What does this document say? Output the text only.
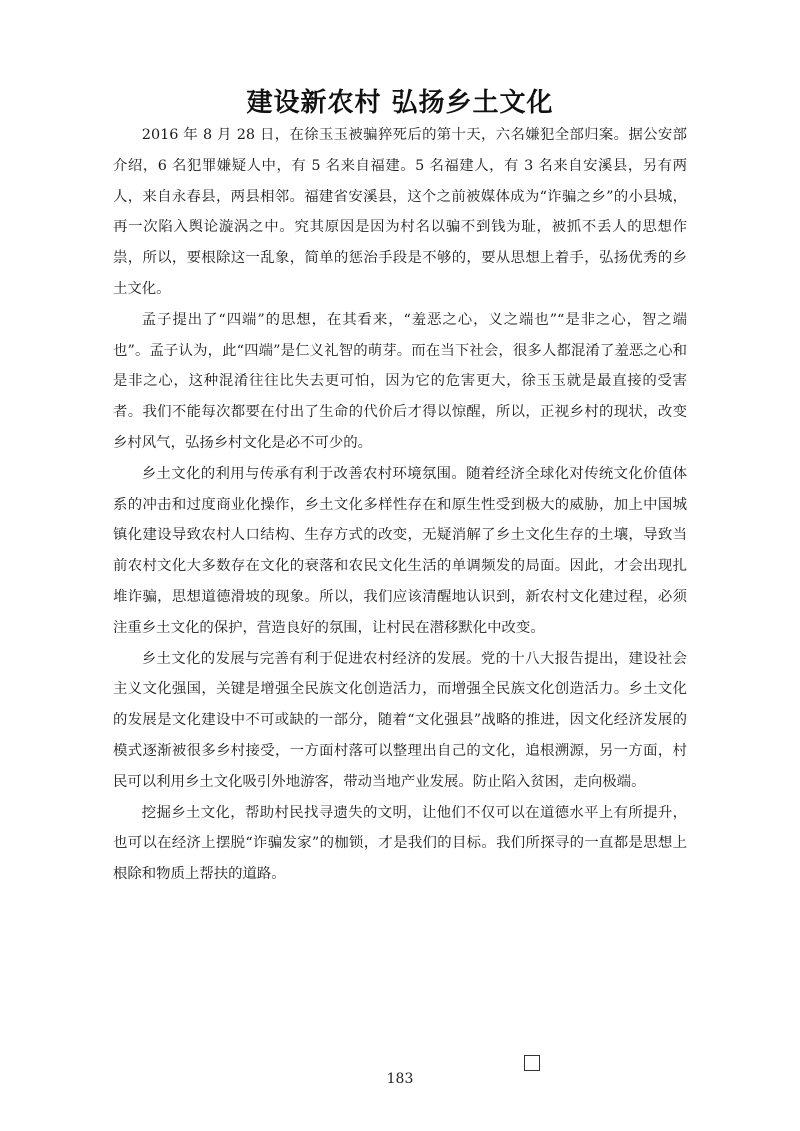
建设新农村 弘扬乡土文化

2016 年 8 月 28 日，在徐玉玉被骗猝死后的第十天，六名嫌犯全部归案。据公安部介绍，6 名犯罪嫌疑人中，有 5 名来自福建。5 名福建人，有 3 名来自安溪县，另有两人，来自永春县，两县相邻。福建省安溪县，这个之前被媒体成为“诈骗之乡”的小县城，再一次陷入舆论漩涡之中。究其原因是因为村名以骗不到钱为耻，被抓不丢人的思想作祟，所以，要根除这一乱象，简单的惩治手段是不够的，要从思想上着手，弘扬优秀的乡土文化。

孟子提出了“四端”的思想，在其看来，“羞恶之心，义之端也”“是非之心，智之端也”。孟子认为，此“四端”是仁义礼智的萌芽。而在当下社会，很多人都混淆了羞恶之心和是非之心，这种混淆往往比失去更可怕，因为它的危害更大，徐玉玉就是最直接的受害者。我们不能每次都要在付出了生命的代价后才得以惊醒，所以，正视乡村的现状，改变乡村风气，弘扬乡村文化是必不可少的。

乡土文化的利用与传承有利于改善农村环境氛围。随着经济全球化对传统文化价值体系的冲击和过度商业化操作，乡土文化多样性存在和原生性受到极大的威胁，加上中国城镇化建设导致农村人口结构、生存方式的改变，无疑消解了乡土文化生存的土壤，导致当前农村文化大多数存在文化的衰落和农民文化生活的单调频发的局面。因此，才会出现扎堆诈骗，思想道德滑坡的现象。所以，我们应该清醒地认识到，新农村文化建过程，必须注重乡土文化的保护，营造良好的氛围，让村民在潜移默化中改变。

乡土文化的发展与完善有利于促进农村经济的发展。党的十八大报告提出，建设社会主义文化强国，关键是增强全民族文化创造活力，而增强全民族文化创造活力。乡土文化的发展是文化建设中不可或缺的一部分，随着“文化强县”战略的推进，因文化经济发展的模式逐渐被很多乡村接受，一方面村落可以整理出自己的文化，追根溯源，另一方面，村民可以利用乡土文化吸引外地游客，带动当地产业发展。防止陷入贫困，走向极端。

挖掘乡土文化，帮助村民找寻遗失的文明，让他们不仅可以在道德水平上有所提升，也可以在经济上摆脱“诈骗发家”的枷锁，才是我们的目标。我们所探寻的一直都是思想上根除和物质上帮扶的道路。

183
